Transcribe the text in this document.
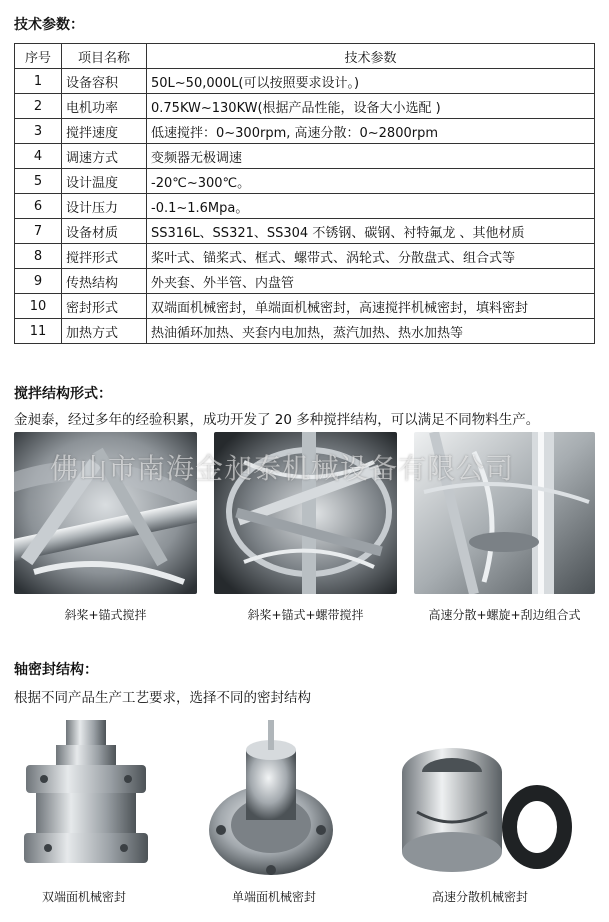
技术参数：
序号	项目名称	技术参数
1	设备容积	50L~50,000L(可以按照要求设计。)
2	电机功率	0.75KW~130KW(根据产品性能，设备大小选配 )
3	搅拌速度	低速搅拌：0~300rpm, 高速分散：0~2800rpm
4	调速方式	变频器无极调速
5	设计温度	-20℃~300℃。
6	设计压力	-0.1~1.6Mpa。
7	设备材质	SS316L、SS321、SS304 不锈钢、碳钢、衬特氟龙 、其他材质
8	搅拌形式	桨叶式、锚桨式、框式、螺带式、涡轮式、分散盘式、组合式等
9	传热结构	外夹套、外半管、内盘管
10	密封形式	双端面机械密封，单端面机械密封，高速搅拌机械密封，填料密封
11	加热方式	热油循环加热、夹套内电加热，蒸汽加热、热水加热等
搅拌结构形式：
金昶泰，经过多年的经验积累，成功开发了 20 多种搅拌结构，可以满足不同物料生产。
佛山市南海金昶泰机械设备有限公司
斜桨+锚式搅拌	斜桨+锚式+螺带搅拌	高速分散+螺旋+刮边组合式
轴密封结构：
根据不同产品生产工艺要求，选择不同的密封结构
双端面机械密封	单端面机械密封	高速分散机械密封
